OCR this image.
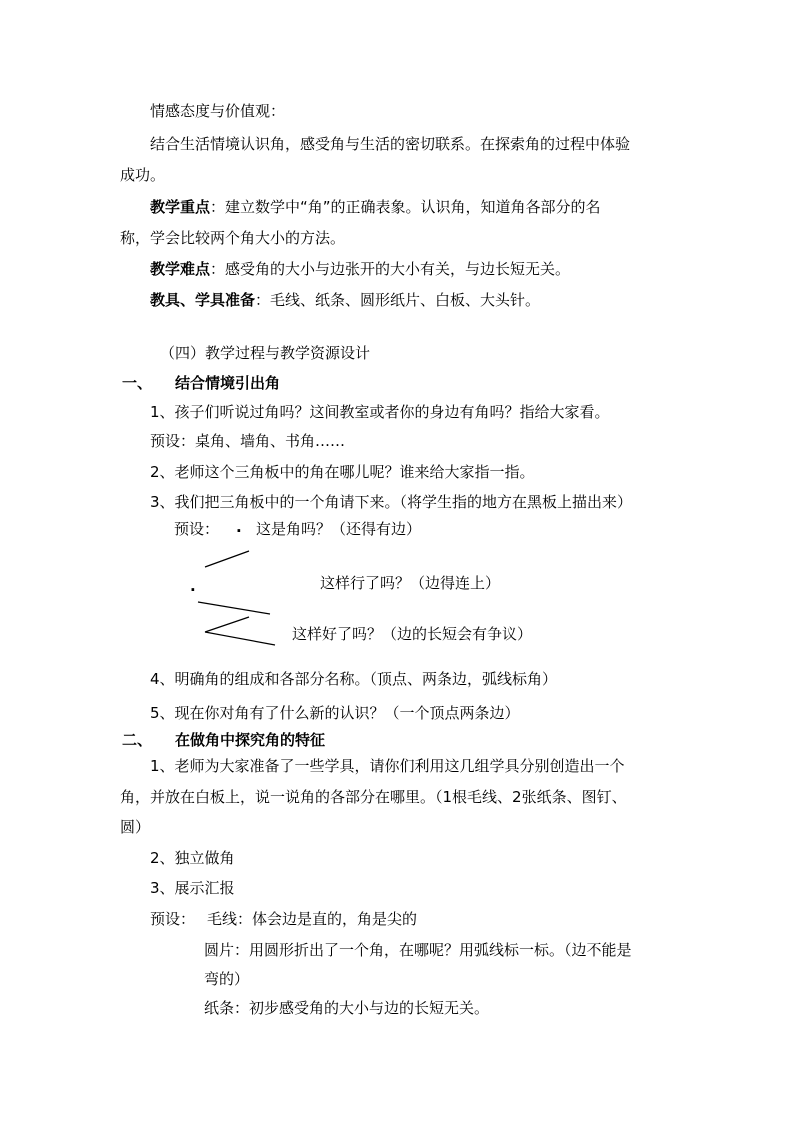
情感态度与价值观：
结合生活情境认识角，感受角与生活的密切联系。在探索角的过程中体验
成功。
教学重点：建立数学中“角”的正确表象。认识角，知道角各部分的名
称，学会比较两个角大小的方法。
教学难点：感受角的大小与边张开的大小有关，与边长短无关。
教具、学具准备：毛线、纸条、圆形纸片、白板、大头针。
（四）教学过程与教学资源设计
一、 结合情境引出角
1、孩子们听说过角吗？这间教室或者你的身边有角吗？指给大家看。
预设：桌角、墙角、书角……
2、老师这个三角板中的角在哪儿呢？谁来给大家指一指。
3、我们把三角板中的一个角请下来。（将学生指的地方在黑板上描出来）
预设： . 这是角吗？（还得有边）
.	这样行了吗？（边得连上）
这样好了吗？（边的长短会有争议）
4、明确角的组成和各部分名称。（顶点、两条边，弧线标角）
5、现在你对角有了什么新的认识？（一个顶点两条边）
二、 在做角中探究角的特征
1、老师为大家准备了一些学具，请你们利用这几组学具分别创造出一个
角，并放在白板上，说一说角的各部分在哪里。（1根毛线、2张纸条、图钉、
圆）
2、独立做角
3、展示汇报
预设： 毛线：体会边是直的，角是尖的
圆片：用圆形折出了一个角，在哪呢？用弧线标一标。（边不能是
弯的）
纸条：初步感受角的大小与边的长短无关。
